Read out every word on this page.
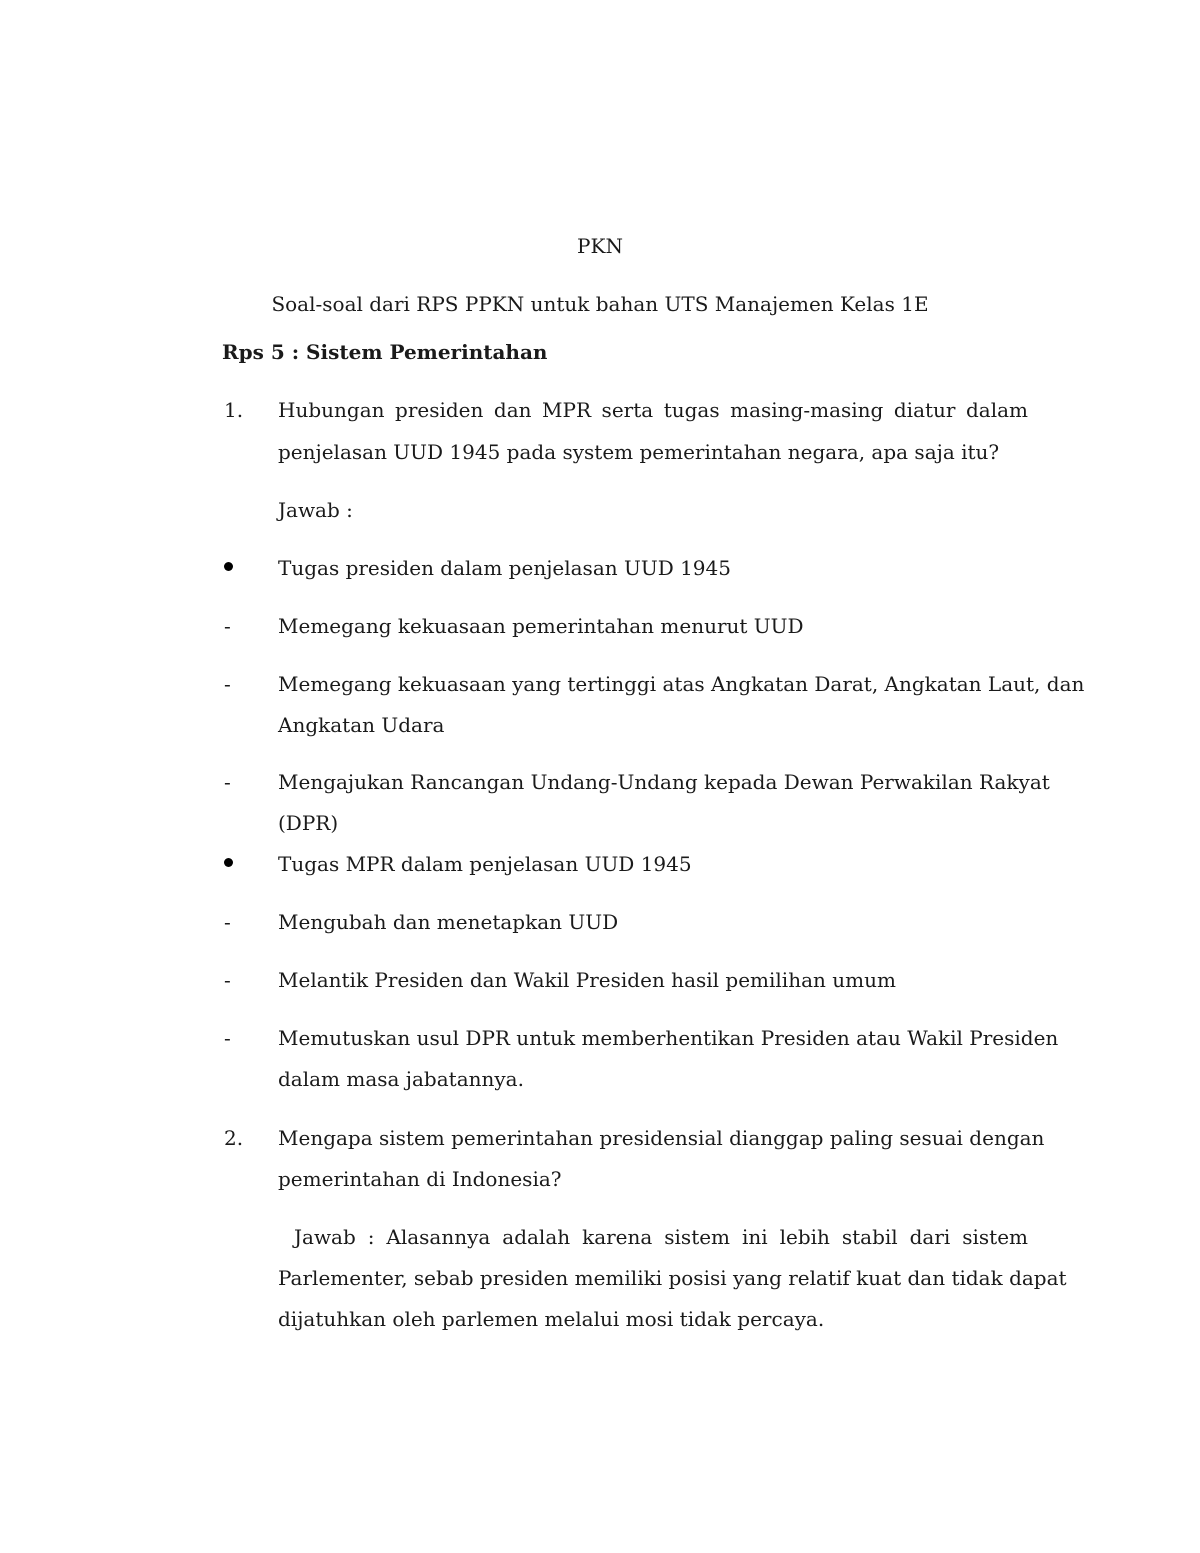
PKN
Soal-soal dari RPS PPKN untuk bahan UTS Manajemen Kelas 1E
Rps 5 : Sistem Pemerintahan
1.	Hubungan presiden dan MPR serta tugas masing-masing diatur dalam
penjelasan UUD 1945 pada system pemerintahan negara, apa saja itu?
Jawab :
Tugas presiden dalam penjelasan UUD 1945
-	Memegang kekuasaan pemerintahan menurut UUD
-	Memegang kekuasaan yang tertinggi atas Angkatan Darat, Angkatan Laut, dan
Angkatan Udara
-	Mengajukan Rancangan Undang-Undang kepada Dewan Perwakilan Rakyat
(DPR)
Tugas MPR dalam penjelasan UUD 1945
-	Mengubah dan menetapkan UUD
-	Melantik Presiden dan Wakil Presiden hasil pemilihan umum
-	Memutuskan usul DPR untuk memberhentikan Presiden atau Wakil Presiden
dalam masa jabatannya.
2.	Mengapa sistem pemerintahan presidensial dianggap paling sesuai dengan
pemerintahan di Indonesia?
Jawab : Alasannya adalah karena sistem ini lebih stabil dari sistem
Parlementer, sebab presiden memiliki posisi yang relatif kuat dan tidak dapat
dijatuhkan oleh parlemen melalui mosi tidak percaya.
